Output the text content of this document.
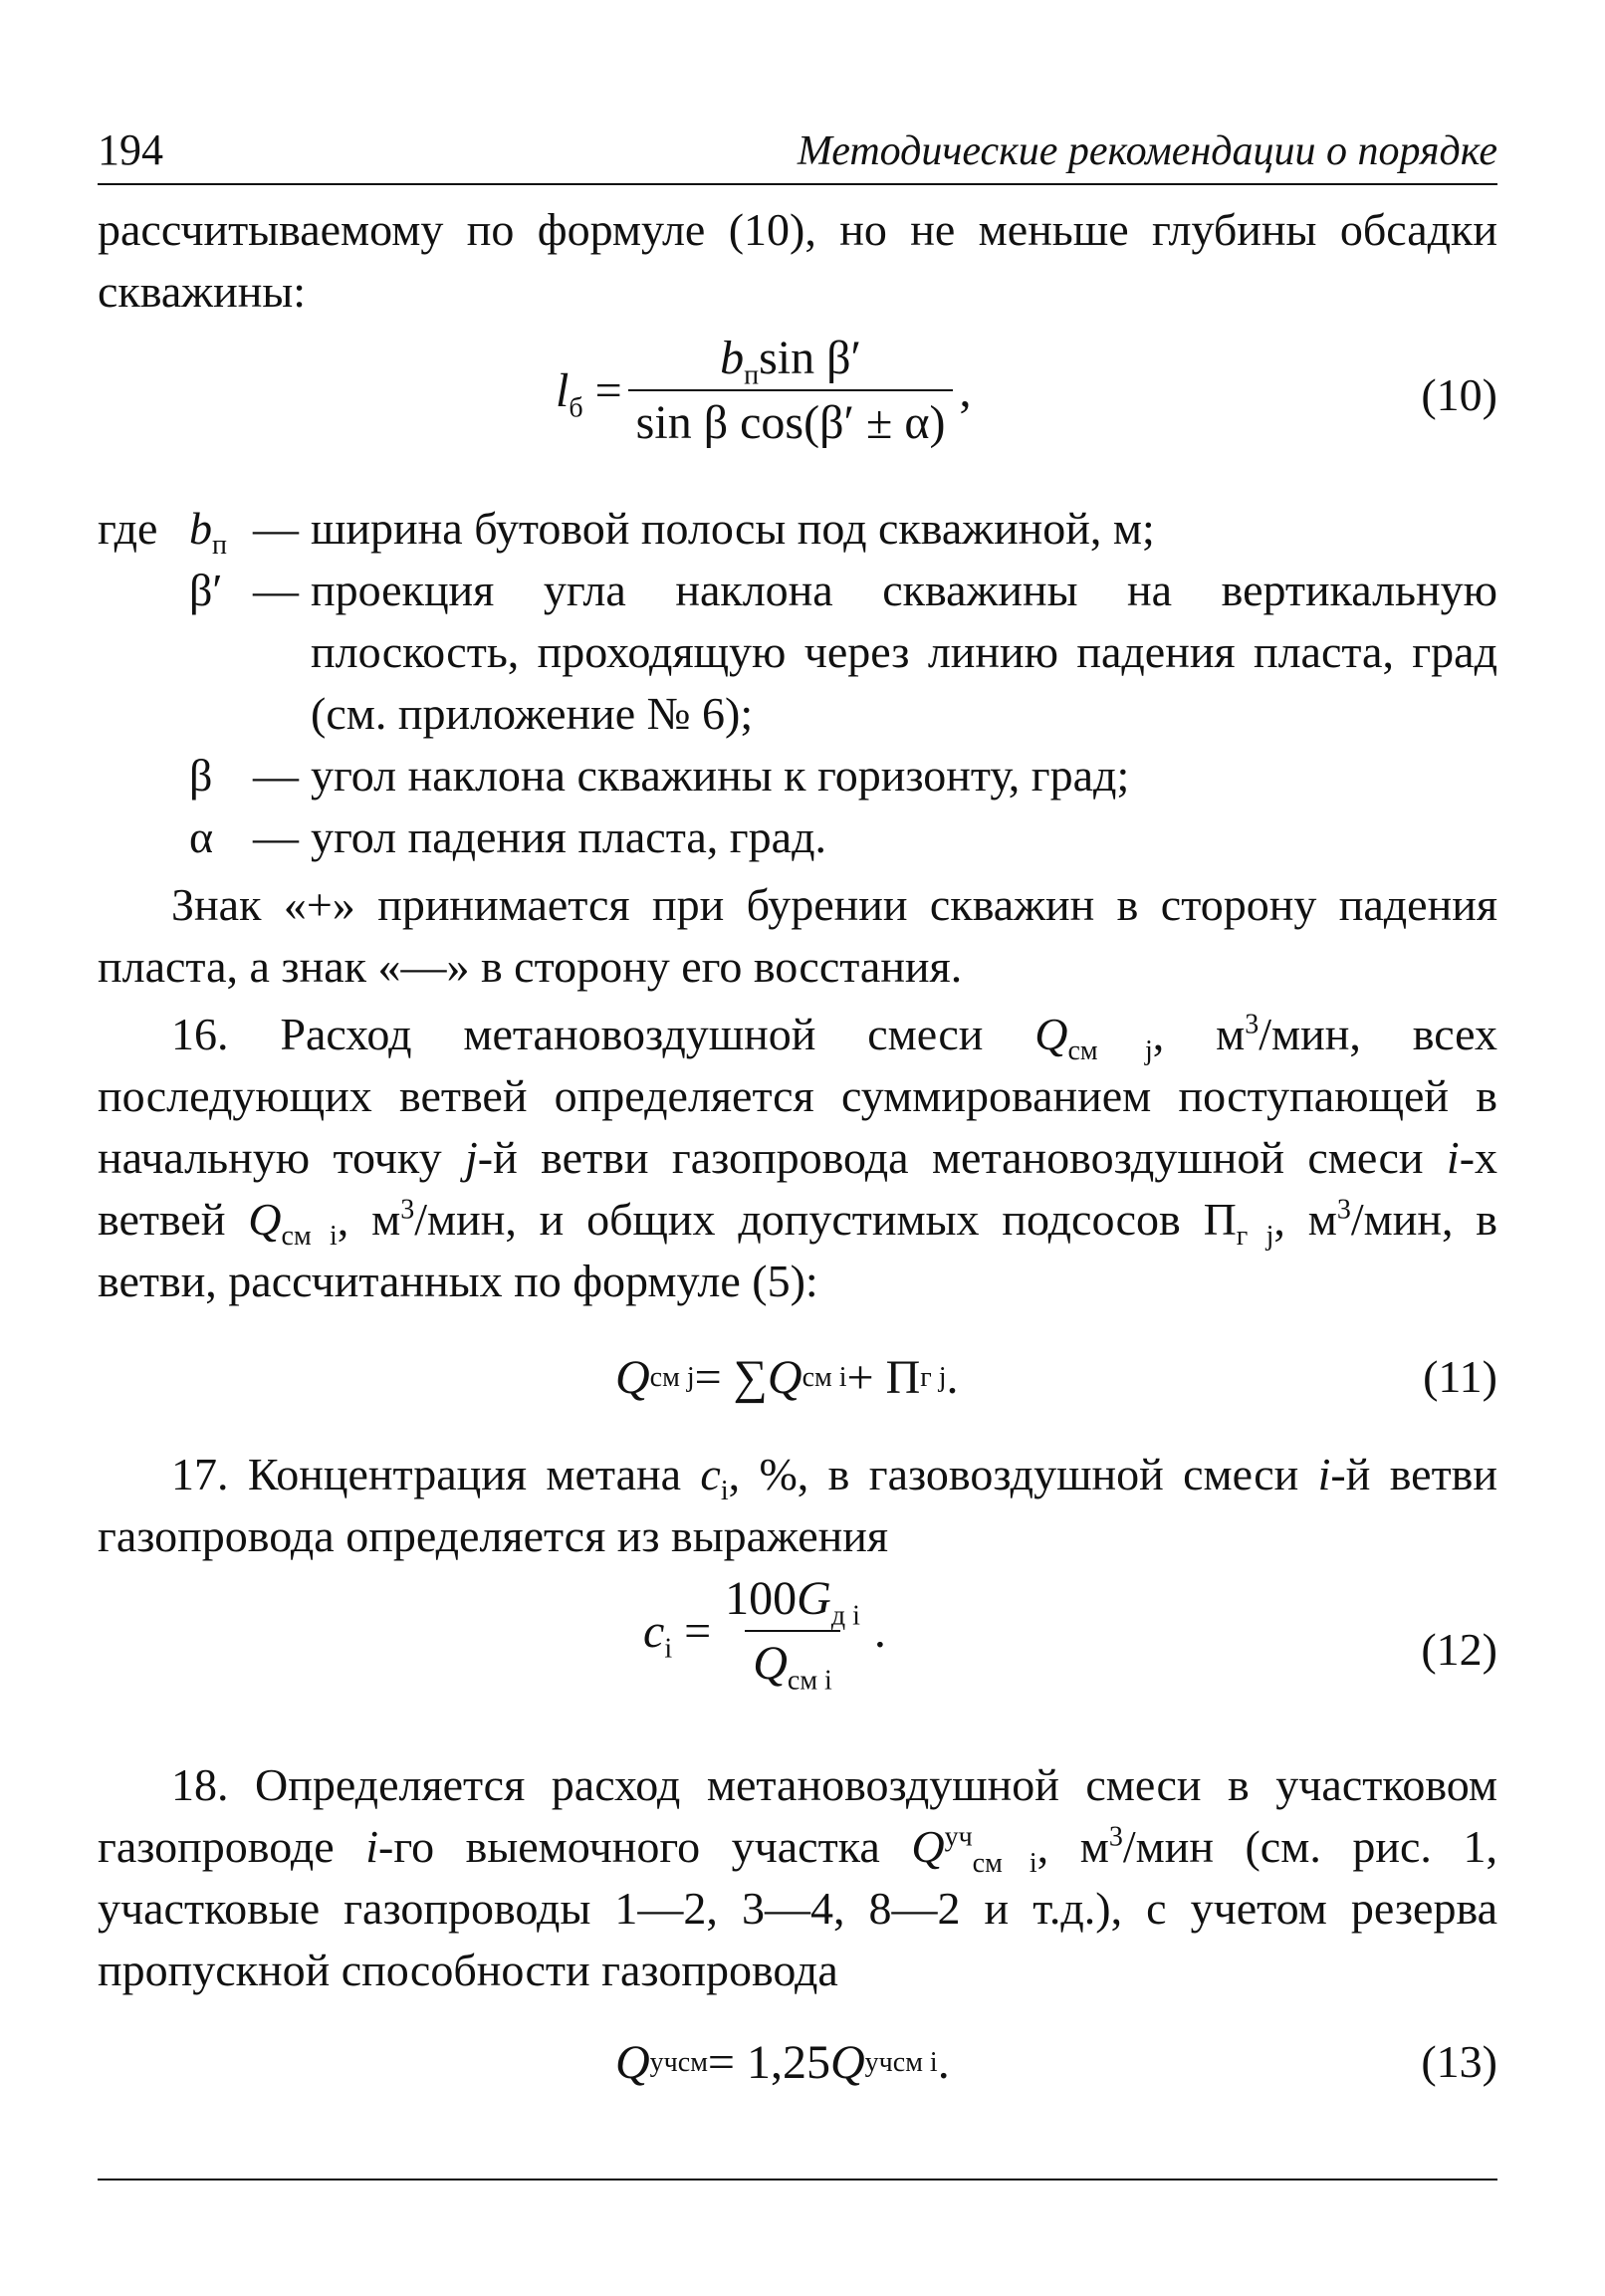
194	Методические рекомендации о порядке

рассчитываемому по формуле (10), но не меньше глубины обсадки скважины:

$l_б = \frac{b_п\sin \beta'}{\text{sin β cos(β′ ± α)}}$ ,	(10)
где $b_п$ — ширина бутовой полосы под скважиной, м;
β′ — проекция угла наклона скважины на вертикальную плоскость, проходящую через линию падения пласта, град (см. приложение № 6);
β — угол наклона скважины к горизонту, град;
α — угол падения пласта, град.

Знак «+» принимается при бурении скважин в сторону падения пласта, а знак «—» в сторону его восстания.

16. Расход метановоздушной смеси $Q_{см j}$, $м^3$/мин, всех последующих ветвей определяется суммированием поступающей в начальную точку j-й ветви газопровода метановоздушной смеси i-х ветвей $Q_{см i}$, $м^3$/мин, и общих допустимых подсосов $П_{г j}$, $м^3$/мин, в ветви, рассчитанных по формуле (5):

Q см j = ∑ Q см i + П г j .	(11)

17. Концентрация метана $c_i$, %, в газовоздушной смеси i-й ветви газопровода определяется из выражения

$c_i = \frac{100G_{д i}}{Q_{см i}}$ .	(12)

18. Определяется расход метановоздушной смеси в участковом газопроводе i-го выемочного участка $Q^{уч}_{см i}$, $м^3$/мин (см. рис. 1, участковые газопроводы 1—2, 3—4, 8—2 и т.д.), с учетом резерва пропускной способности газопровода

Q уч см = 1,25 Q уч см i .	(13)
